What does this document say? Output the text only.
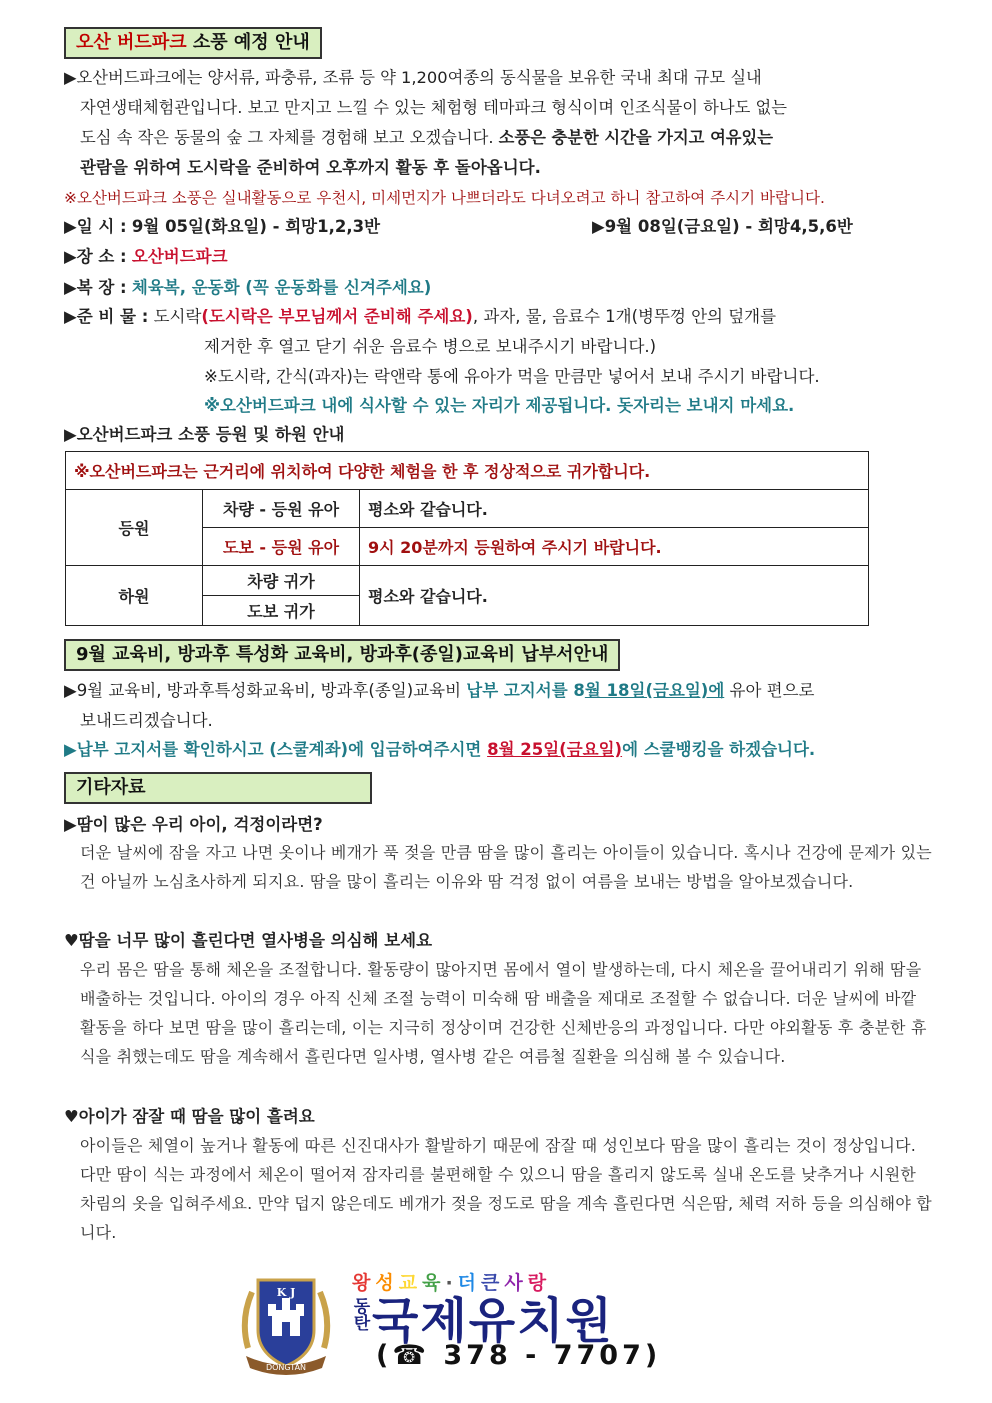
오산 버드파크 소풍 예정 안내
▶오산버드파크에는 양서류, 파충류, 조류 등 약 1,200여종의 동식물을 보유한 국내 최대 규모 실내
자연생태체험관입니다. 보고 만지고 느낄 수 있는 체험형 테마파크 형식이며 인조식물이 하나도 없는
도심 속 작은 동물의 숲 그 자체를 경험해 보고 오겠습니다. 소풍은 충분한 시간을 가지고 여유있는
관람을 위하여 도시락을 준비하여 오후까지 활동 후 돌아옵니다.
※오산버드파크 소풍은 실내활동으로 우천시, 미세먼지가 나쁘더라도 다녀오려고 하니 참고하여 주시기 바랍니다.
▶일 시 : 9월 05일(화요일) - 희망1,2,3반	▶9월 08일(금요일) - 희망4,5,6반
▶장 소 : 오산버드파크
▶복 장 : 체육복, 운동화 (꼭 운동화를 신겨주세요)
▶준 비 물 : 도시락(도시락은 부모님께서 준비해 주세요), 과자, 물, 음료수 1개(병뚜껑 안의 덮개를
제거한 후 열고 닫기 쉬운 음료수 병으로 보내주시기 바랍니다.)
※도시락, 간식(과자)는 락앤락 통에 유아가 먹을 만큼만 넣어서 보내 주시기 바랍니다.
※오산버드파크 내에 식사할 수 있는 자리가 제공됩니다. 돗자리는 보내지 마세요.
▶오산버드파크 소풍 등원 및 하원 안내
※오산버드파크는 근거리에 위치하여 다양한 체험을 한 후 정상적으로 귀가합니다.		
등원	차량 - 등원 유아	평소와 같습니다.
	도보 - 등원 유아	9시 20분까지 등원하여 주시기 바랍니다.
하원	차량 귀가	평소와 같습니다.
	도보 귀가	
9월 교육비, 방과후 특성화 교육비, 방과후(종일)교육비 납부서안내
▶9월 교육비, 방과후특성화교육비, 방과후(종일)교육비 납부 고지서를 8월 18일(금요일)에 유아 편으로
보내드리겠습니다.
▶납부 고지서를 확인하시고 (스쿨계좌)에 입금하여주시면 8월 25일(금요일)에 스쿨뱅킹을 하겠습니다.
기타자료
▶땀이 많은 우리 아이, 걱정이라면?
더운 날씨에 잠을 자고 나면 옷이나 베개가 푹 젖을 만큼 땀을 많이 흘리는 아이들이 있습니다. 혹시나 건강에 문제가 있는 건 아닐까 노심초사하게 되지요. 땀을 많이 흘리는 이유와 땀 걱정 없이 여름을 보내는 방법을 알아보겠습니다.
♥땀을 너무 많이 흘린다면 열사병을 의심해 보세요
우리 몸은 땀을 통해 체온을 조절합니다. 활동량이 많아지면 몸에서 열이 발생하는데, 다시 체온을 끌어내리기 위해 땀을 배출하는 것입니다. 아이의 경우 아직 신체 조절 능력이 미숙해 땀 배출을 제대로 조절할 수 없습니다. 더운 날씨에 바깥 활동을 하다 보면 땀을 많이 흘리는데, 이는 지극히 정상이며 건강한 신체반응의 과정입니다. 다만 야외활동 후 충분한 휴식을 취했는데도 땀을 계속해서 흘린다면 일사병, 열사병 같은 여름철 질환을 의심해 볼 수 있습니다.
♥아이가 잠잘 때 땀을 많이 흘려요
아이들은 체열이 높거나 활동에 따른 신진대사가 활발하기 때문에 잠잘 때 성인보다 땀을 많이 흘리는 것이 정상입니다. 다만 땀이 식는 과정에서 체온이 떨어져 잠자리를 불편해할 수 있으니 땀을 흘리지 않도록 실내 온도를 낮추거나 시원한 차림의 옷을 입혀주세요. 만약 덥지 않은데도 베개가 젖을 정도로 땀을 계속 흘린다면 식은땀, 체력 저하 등을 의심해야 합니다.
K J
DONGTAN
왕성교육·더큰사랑
동
탄국제유치원
(☎ 378 - 7707)
